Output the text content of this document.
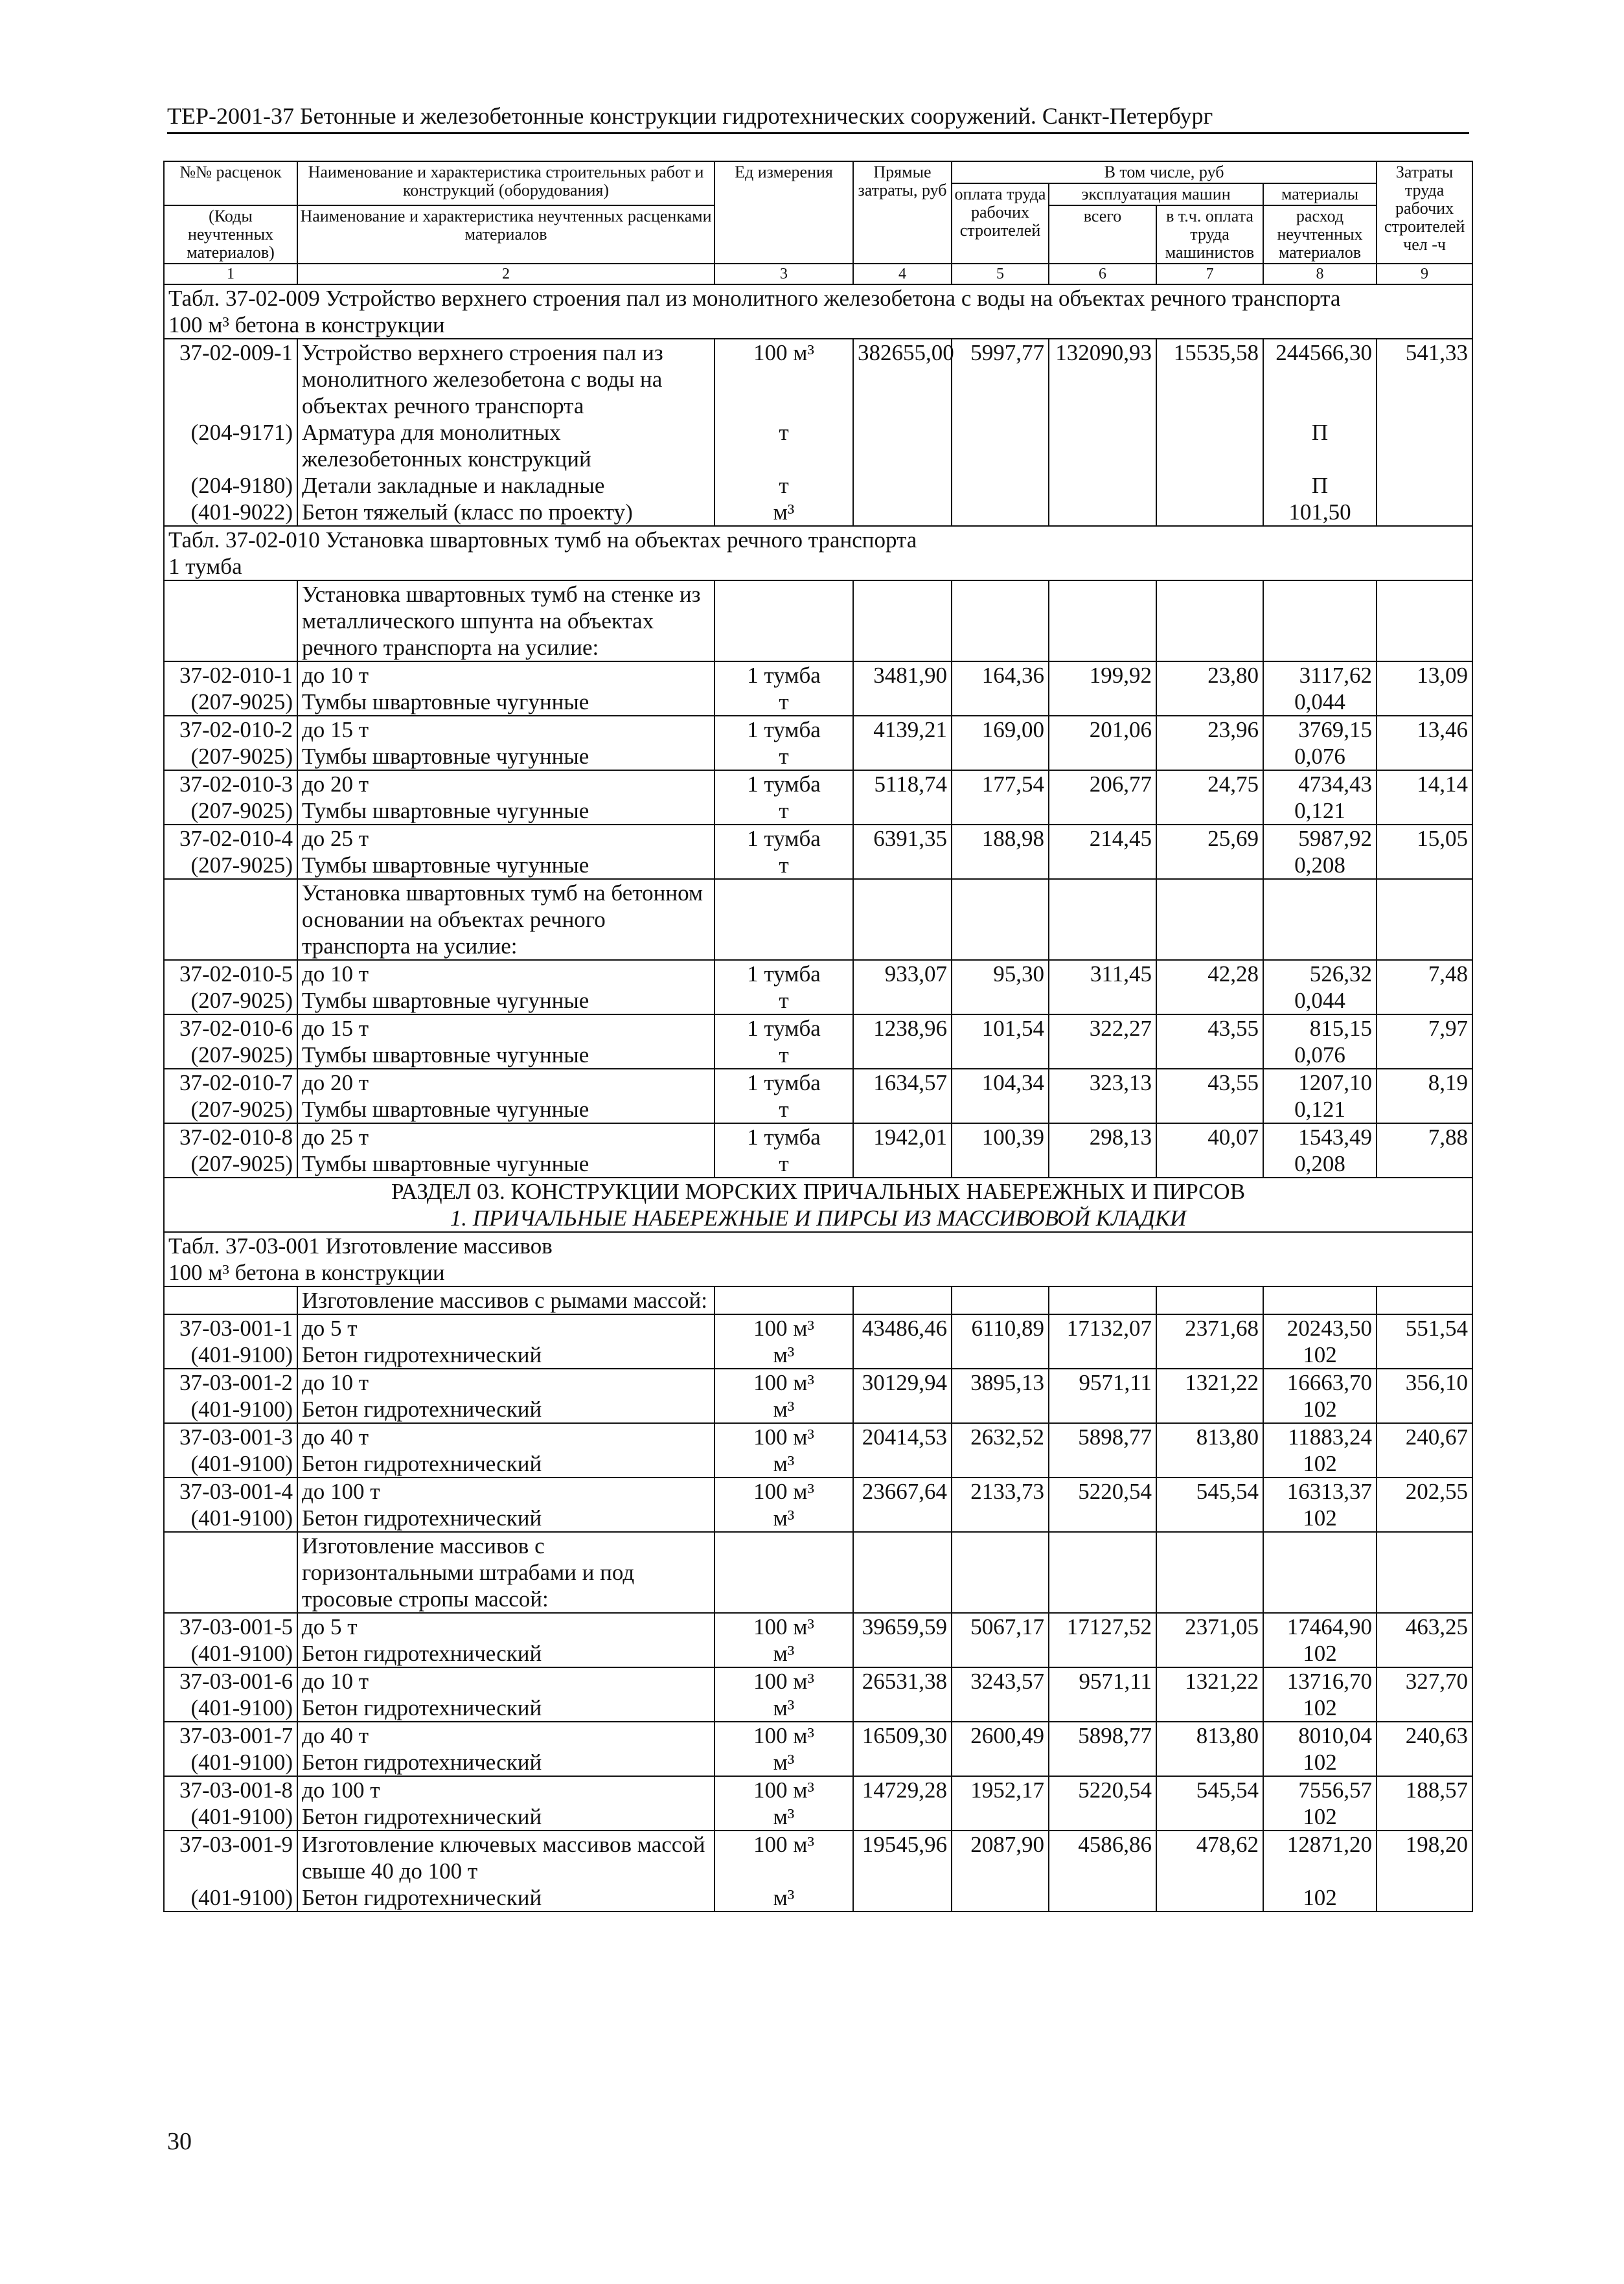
ТЕР-2001-37 Бетонные и железобетонные конструкции гидротехнических сооружений. Санкт-Петербург
№№ расценок	Наименование и характеристика строительных работ и конструкций (оборудования)	Ед измерения	Прямые затраты, руб	В том числе, руб				Затраты труда рабочих строителей чел -ч
				оплата труда рабочих строителей	эксплуатация машин		материалы	
(Коды неучтенных материалов)	Наименование и характеристика неучтенных расценками материалов				всего	в т.ч. оплата труда машинистов	расход неучтенных материалов	

1	2	3	4	5	6	7	8	9
Табл. 37-02-009 Устройство верхнего строения пал из монолитного железобетона с воды на объектах речного транспорта								
100 м³ бетона в конструкции								
37-02-009-1	Устройство верхнего строения пал из монолитного железобетона с воды на объектах речного транспорта	100 м³	382655,00	5997,77	132090,93	15535,58	244566,30	541,33
(204-9171)	Арматура для монолитных железобетонных конструкций	т					П	
(204-9180)	Детали закладные и накладные	т					П	
(401-9022)	Бетон тяжелый (класс по проекту)	м³					101,50	
Табл. 37-02-010 Установка швартовных тумб на объектах речного транспорта								
1 тумба								
	Установка швартовных тумб на стенке из металлического шпунта на объектах речного транспорта на усилие:							
37-02-010-1	до 10 т	1 тумба	3481,90	164,36	199,92	23,80	3117,62	13,09
(207-9025)	Тумбы швартовные чугунные	т					0,044	
37-02-010-2	до 15 т	1 тумба	4139,21	169,00	201,06	23,96	3769,15	13,46
(207-9025)	Тумбы швартовные чугунные	т					0,076	
37-02-010-3	до 20 т	1 тумба	5118,74	177,54	206,77	24,75	4734,43	14,14
(207-9025)	Тумбы швартовные чугунные	т					0,121	
37-02-010-4	до 25 т	1 тумба	6391,35	188,98	214,45	25,69	5987,92	15,05
(207-9025)	Тумбы швартовные чугунные	т					0,208	
	Установка швартовных тумб на бетонном основании на объектах речного транспорта на усилие:							
37-02-010-5	до 10 т	1 тумба	933,07	95,30	311,45	42,28	526,32	7,48
(207-9025)	Тумбы швартовные чугунные	т					0,044	
37-02-010-6	до 15 т	1 тумба	1238,96	101,54	322,27	43,55	815,15	7,97
(207-9025)	Тумбы швартовные чугунные	т					0,076	
37-02-010-7	до 20 т	1 тумба	1634,57	104,34	323,13	43,55	1207,10	8,19
(207-9025)	Тумбы швартовные чугунные	т					0,121	
37-02-010-8	до 25 т	1 тумба	1942,01	100,39	298,13	40,07	1543,49	7,88
(207-9025)	Тумбы швартовные чугунные	т					0,208	
РАЗДЕЛ 03. КОНСТРУКЦИИ МОРСКИХ ПРИЧАЛЬНЫХ НАБЕРЕЖНЫХ И ПИРСОВ								
1. ПРИЧАЛЬНЫЕ НАБЕРЕЖНЫЕ И ПИРСЫ ИЗ МАССИВОВОЙ КЛАДКИ								
Табл. 37-03-001 Изготовление массивов								
100 м³ бетона в конструкции								
	Изготовление массивов с рымами массой:							
37-03-001-1	до 5 т	100 м³	43486,46	6110,89	17132,07	2371,68	20243,50	551,54
(401-9100)	Бетон гидротехнический	м³					102	
37-03-001-2	до 10 т	100 м³	30129,94	3895,13	9571,11	1321,22	16663,70	356,10
(401-9100)	Бетон гидротехнический	м³					102	
37-03-001-3	до 40 т	100 м³	20414,53	2632,52	5898,77	813,80	11883,24	240,67
(401-9100)	Бетон гидротехнический	м³					102	
37-03-001-4	до 100 т	100 м³	23667,64	2133,73	5220,54	545,54	16313,37	202,55
(401-9100)	Бетон гидротехнический	м³					102	
	Изготовление массивов с горизонтальными штрабами и под тросовые стропы массой:							
37-03-001-5	до 5 т	100 м³	39659,59	5067,17	17127,52	2371,05	17464,90	463,25
(401-9100)	Бетон гидротехнический	м³					102	
37-03-001-6	до 10 т	100 м³	26531,38	3243,57	9571,11	1321,22	13716,70	327,70
(401-9100)	Бетон гидротехнический	м³					102	
37-03-001-7	до 40 т	100 м³	16509,30	2600,49	5898,77	813,80	8010,04	240,63
(401-9100)	Бетон гидротехнический	м³					102	
37-03-001-8	до 100 т	100 м³	14729,28	1952,17	5220,54	545,54	7556,57	188,57
(401-9100)	Бетон гидротехнический	м³					102	
37-03-001-9	Изготовление ключевых массивов массой свыше 40 до 100 т	100 м³	19545,96	2087,90	4586,86	478,62	12871,20	198,20
(401-9100)	Бетон гидротехнический	м³					102	
30
